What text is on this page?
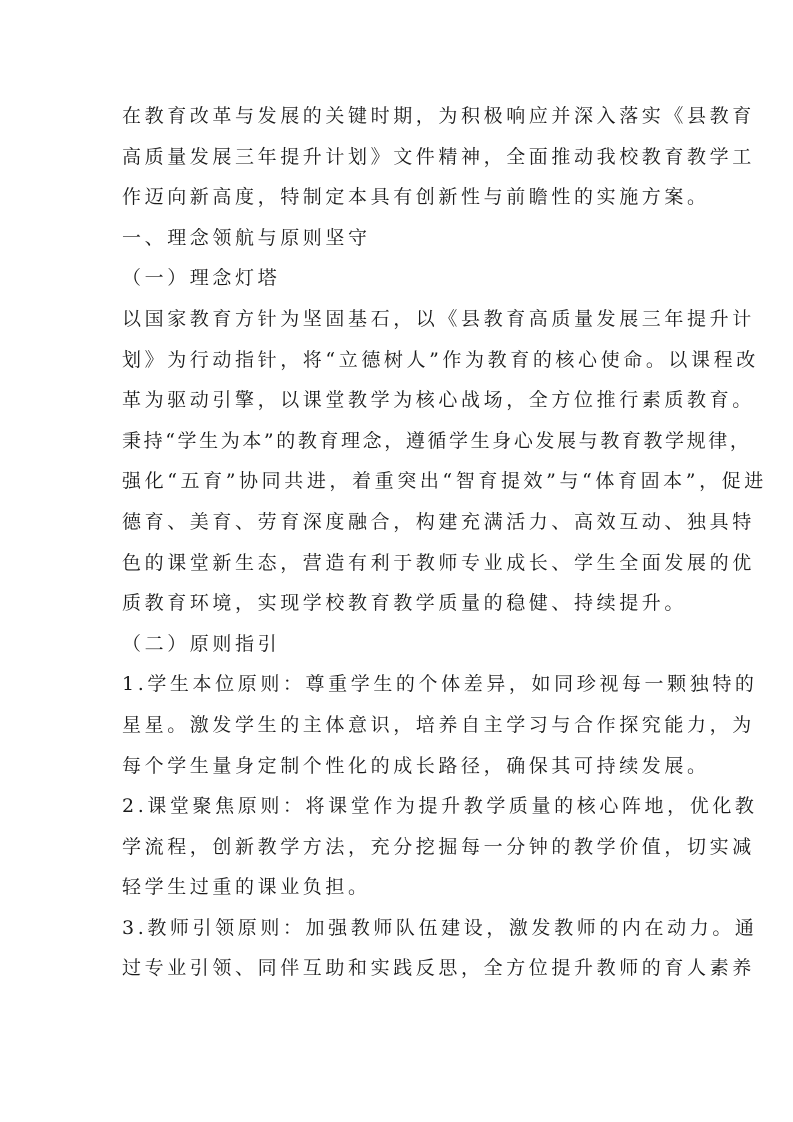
在教育改革与发展的关键时期，为积极响应并深入落实《县教育
高质量发展三年提升计划》文件精神，全面推动我校教育教学工
作迈向新高度，特制定本具有创新性与前瞻性的实施方案。
一、理念领航与原则坚守
（一）理念灯塔
以国家教育方针为坚固基石，以《县教育高质量发展三年提升计
划》为行动指针，将“立德树人”作为教育的核心使命。以课程改
革为驱动引擎，以课堂教学为核心战场，全方位推行素质教育。
秉持“学生为本”的教育理念，遵循学生身心发展与教育教学规律，
强化“五育”协同共进，着重突出“智育提效”与“体育固本”，促进
德育、美育、劳育深度融合，构建充满活力、高效互动、独具特
色的课堂新生态，营造有利于教师专业成长、学生全面发展的优
质教育环境，实现学校教育教学质量的稳健、持续提升。
（二）原则指引
1.学生本位原则：尊重学生的个体差异，如同珍视每一颗独特的
星星。激发学生的主体意识，培养自主学习与合作探究能力，为
每个学生量身定制个性化的成长路径，确保其可持续发展。
2.课堂聚焦原则：将课堂作为提升教学质量的核心阵地，优化教
学流程，创新教学方法，充分挖掘每一分钟的教学价值，切实减
轻学生过重的课业负担。
3.教师引领原则：加强教师队伍建设，激发教师的内在动力。通
过专业引领、同伴互助和实践反思，全方位提升教师的育人素养
